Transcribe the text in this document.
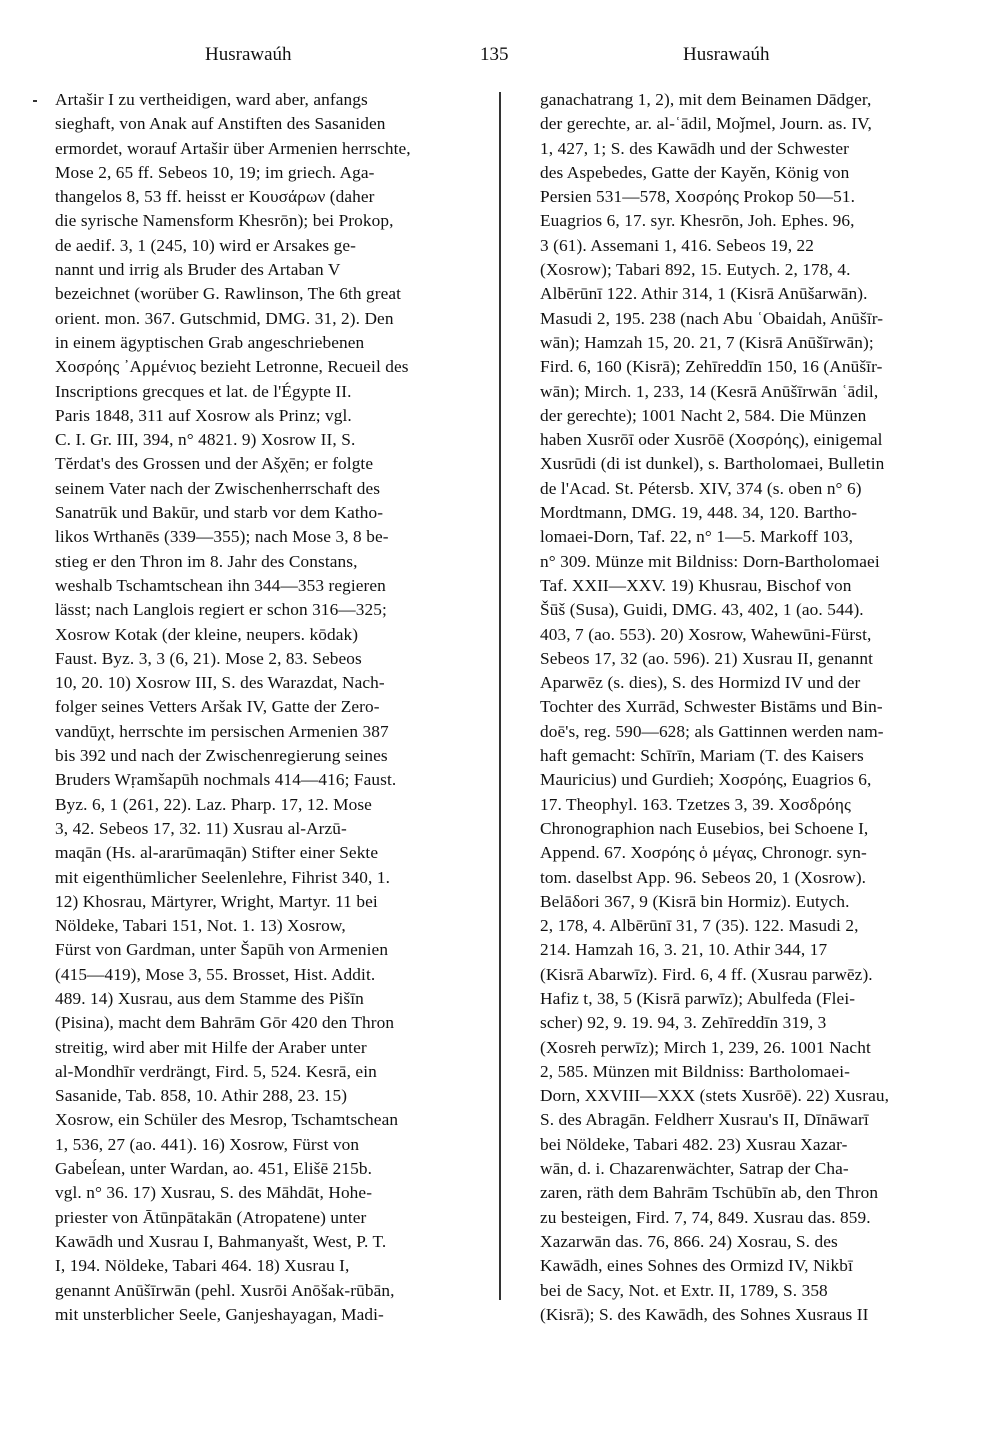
Husrawaúh	135	Husrawaúh
Artašir I zu vertheidigen, ward aber, anfangs
sieghaft, von Anak auf Anstiften des Sasaniden
ermordet, worauf Artašir über Armenien herrschte,
Mose 2, 65 ff. Sebeos 10, 19; im griech. Aga-
thangelos 8, 53 ff. heisst er Κουσάρων (daher
die syrische Namensform Khesrōn); bei Prokop,
de aedif. 3, 1 (245, 10) wird er Arsakes ge-
nannt und irrig als Bruder des Artaban V
bezeichnet (worüber G. Rawlinson, The 6th great
orient. mon. 367. Gutschmid, DMG. 31, 2). Den
in einem ägyptischen Grab angeschriebenen
Χοσρόης ᾿Αρμένιος bezieht Letronne, Recueil des
Inscriptions grecques et lat. de l'Égypte II.
Paris 1848, 311 auf Xosrow als Prinz; vgl.
C. I. Gr. III, 394, n° 4821. 9) Xosrow II, S.
Tĕrdat's des Grossen und der Ašχēn; er folgte
seinem Vater nach der Zwischenherrschaft des
Sanatrūk und Bakūr, und starb vor dem Katho-
likos Wrthanēs (339—355); nach Mose 3, 8 be-
stieg er den Thron im 8. Jahr des Constans,
weshalb Tschamtschean ihn 344—353 regieren
lässt; nach Langlois regiert er schon 316—325;
Xosrow Kotak (der kleine, neupers. kōdak)
Faust. Byz. 3, 3 (6, 21). Mose 2, 83. Sebeos
10, 20. 10) Xosrow III, S. des Warazdat, Nach-
folger seines Vetters Aršak IV, Gatte der Zero-
vandūχt, herrschte im persischen Armenien 387
bis 392 und nach der Zwischenregierung seines
Bruders Wṛamšapūh nochmals 414—416; Faust.
Byz. 6, 1 (261, 22). Laz. Pharp. 17, 12. Mose
3, 42. Sebeos 17, 32. 11) Xusrau al-Arzū-
maqān (Hs. al-ararūmaqān) Stifter einer Sekte
mit eigenthümlicher Seelenlehre, Fihrist 340, 1.
12) Khosrau, Märtyrer, Wright, Martyr. 11 bei
Nöldeke, Tabari 151, Not. 1. 13) Xosrow,
Fürst von Gardman, unter Šapūh von Armenien
(415—419), Mose 3, 55. Brosset, Hist. Addit.
489. 14) Xusrau, aus dem Stamme des Pišīn
(Pisina), macht dem Bahrām Gōr 420 den Thron
streitig, wird aber mit Hilfe der Araber unter
al-Mondhīr verdrängt, Fird. 5, 524. Kesrā, ein
Sasanide, Tab. 858, 10. Athir 288, 23. 15)
Xosrow, ein Schüler des Mesrop, Tschamtschean
1, 536, 27 (ao. 441). 16) Xosrow, Fürst von
Gabeĺean, unter Wardan, ao. 451, Elišē 215b.
vgl. n° 36. 17) Xusrau, S. des Māhdāt, Hohe-
priester von Ātūnpātakān (Atropatene) unter
Kawādh und Xusrau I, Bahmanyašt, West, P. T.
I, 194. Nöldeke, Tabari 464. 18) Xusrau I,
genannt Anūšīrwān (pehl. Xusrōi Anōšak-rūbān,
mit unsterblicher Seele, Ganjeshayagan, Madi-
ganachatrang 1, 2), mit dem Beinamen Dādger,
der gerechte, ar. al-ʿādil, Moǰmel, Journ. as. IV,
1, 427, 1; S. des Kawādh und der Schwester
des Aspebedes, Gatte der Kayĕn, König von
Persien 531—578, Χοσρόης Prokop 50—51.
Euagrios 6, 17. syr. Khesrōn, Joh. Ephes. 96,
3 (61). Assemani 1, 416. Sebeos 19, 22
(Xosrow); Tabari 892, 15. Eutych. 2, 178, 4.
Albērūnī 122. Athir 314, 1 (Kisrā Anūšarwān).
Masudi 2, 195. 238 (nach Abu ʿObaidah, Anūšīr-
wān); Hamzah 15, 20. 21, 7 (Kisrā Anūšīrwān);
Fird. 6, 160 (Kisrā); Zehīreddīn 150, 16 (Anūšīr-
wān); Mirch. 1, 233, 14 (Kesrā Anūšīrwān ʿādil,
der gerechte); 1001 Nacht 2, 584. Die Münzen
haben Xusrōī oder Xusrōē (Χοσρόης), einigemal
Xusrūdi (di ist dunkel), s. Bartholomaei, Bulletin
de l'Acad. St. Pétersb. XIV, 374 (s. oben n° 6)
Mordtmann, DMG. 19, 448. 34, 120. Bartho-
lomaei-Dorn, Taf. 22, n° 1—5. Markoff 103,
n° 309. Münze mit Bildniss: Dorn-Bartholomaei
Taf. XXII—XXV. 19) Khusrau, Bischof von
Šūš (Susa), Guidi, DMG. 43, 402, 1 (ao. 544).
403, 7 (ao. 553). 20) Xosrow, Wahewūni-Fürst,
Sebeos 17, 32 (ao. 596). 21) Xusrau II, genannt
Aparwēz (s. dies), S. des Hormizd IV und der
Tochter des Xurrād, Schwester Bistāms und Bin-
doē's, reg. 590—628; als Gattinnen werden nam-
haft gemacht: Schīrīn, Mariam (T. des Kaisers
Mauricius) und Gurdieh; Χοσρόης, Euagrios 6,
17. Theophyl. 163. Tzetzes 3, 39. Χοσδρόης
Chronographion nach Eusebios, bei Schoene I,
Append. 67. Χοσρόης ὁ μέγας, Chronogr. syn-
tom. daselbst App. 96. Sebeos 20, 1 (Xosrow).
Belāδori 367, 9 (Kisrā bin Hormiz). Eutych.
2, 178, 4. Albērūnī 31, 7 (35). 122. Masudi 2,
214. Hamzah 16, 3. 21, 10. Athir 344, 17
(Kisrā Abarwīz). Fird. 6, 4 ff. (Xusrau parwēz).
Hafiz t, 38, 5 (Kisrā parwīz); Abulfeda (Flei-
scher) 92, 9. 19. 94, 3. Zehīreddīn 319, 3
(Xosreh perwīz); Mirch 1, 239, 26. 1001 Nacht
2, 585. Münzen mit Bildniss: Bartholomaei-
Dorn, XXVIII—XXX (stets Xusrōē). 22) Xusrau,
S. des Abragān. Feldherr Xusrau's II, Dīnāwarī
bei Nöldeke, Tabari 482. 23) Xusrau Xazar-
wān, d. i. Chazarenwächter, Satrap der Cha-
zaren, räth dem Bahrām Tschūbīn ab, den Thron
zu besteigen, Fird. 7, 74, 849. Xusrau das. 859.
Xazarwān das. 76, 866. 24) Xosrau, S. des
Kawādh, eines Sohnes des Ormizd IV, Nikbī
bei de Sacy, Not. et Extr. II, 1789, S. 358
(Kisrā); S. des Kawādh, des Sohnes Xusraus II
